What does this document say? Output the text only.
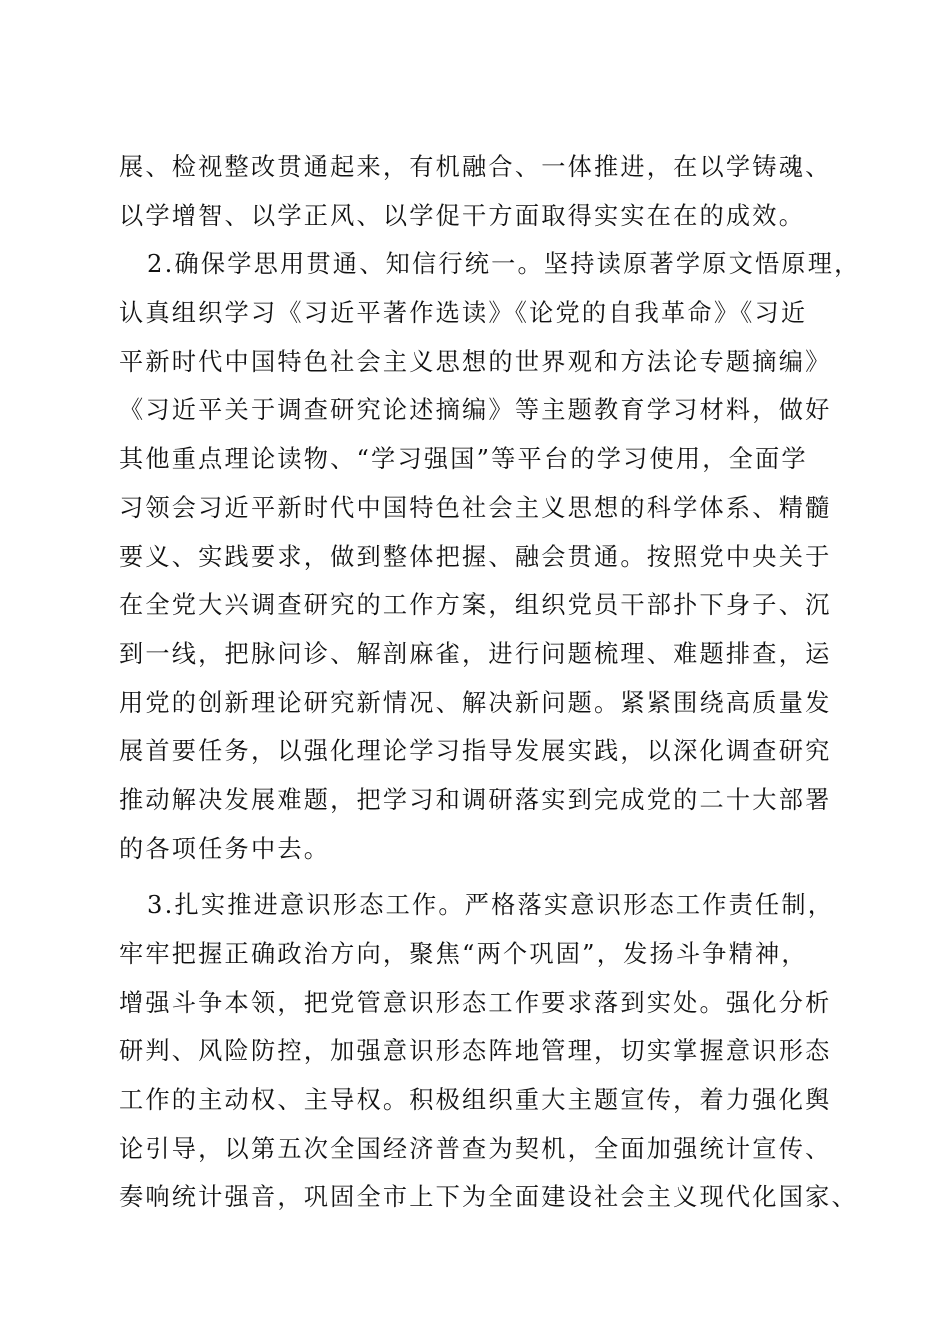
展、检视整改贯通起来，有机融合、一体推进，在以学铸魂、
以学增智、以学正风、以学促干方面取得实实在在的成效。
2.确保学思用贯通、知信行统一。坚持读原著学原文悟原理，
认真组织学习《习近平著作选读》《论党的自我革命》《习近
平新时代中国特色社会主义思想的世界观和方法论专题摘编》
《习近平关于调查研究论述摘编》等主题教育学习材料，做好
其他重点理论读物、“学习强国”等平台的学习使用，全面学
习领会习近平新时代中国特色社会主义思想的科学体系、精髓
要义、实践要求，做到整体把握、融会贯通。按照党中央关于
在全党大兴调查研究的工作方案，组织党员干部扑下身子、沉
到一线，把脉问诊、解剖麻雀，进行问题梳理、难题排查，运
用党的创新理论研究新情况、解决新问题。紧紧围绕高质量发
展首要任务，以强化理论学习指导发展实践，以深化调查研究
推动解决发展难题，把学习和调研落实到完成党的二十大部署
的各项任务中去。
3.扎实推进意识形态工作。严格落实意识形态工作责任制，
牢牢把握正确政治方向，聚焦“两个巩固”，发扬斗争精神，
增强斗争本领，把党管意识形态工作要求落到实处。强化分析
研判、风险防控，加强意识形态阵地管理，切实掌握意识形态
工作的主动权、主导权。积极组织重大主题宣传，着力强化舆
论引导，以第五次全国经济普查为契机，全面加强统计宣传、
奏响统计强音，巩固全市上下为全面建设社会主义现代化国家、
